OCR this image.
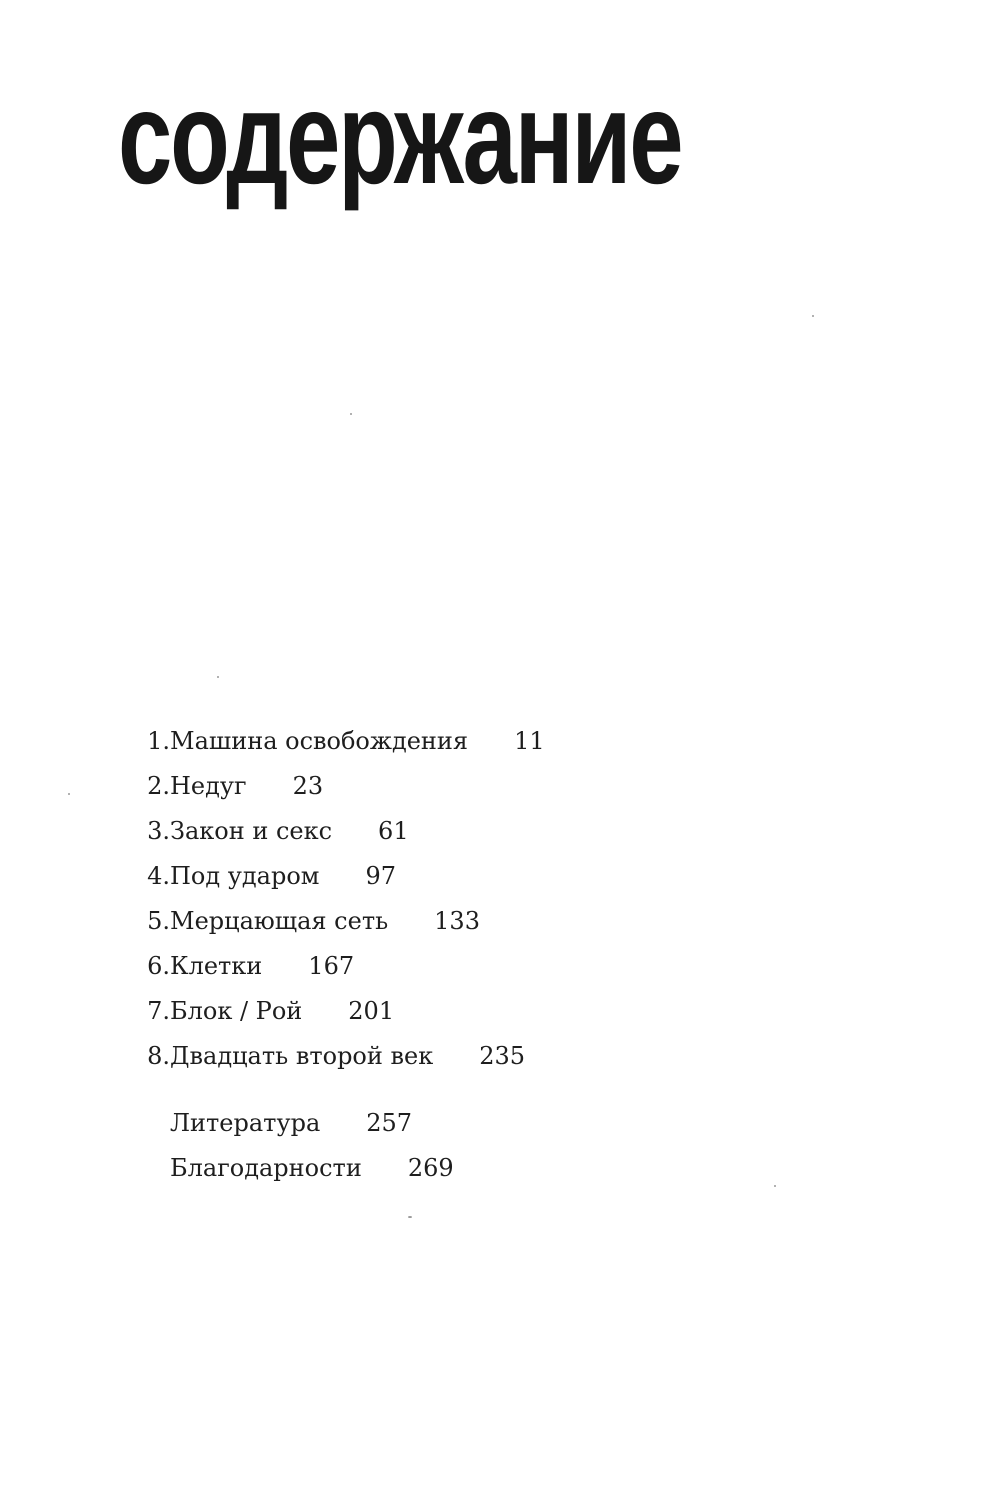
содержание
1. Машина освобождения 11
2. Недуг 23
3. Закон и секс 61
4. Под ударом 97
5. Мерцающая сеть 133
6. Клетки 167
7. Блок / Рой 201
8. Двадцать второй век 235
Литература 257
Благодарности 269
